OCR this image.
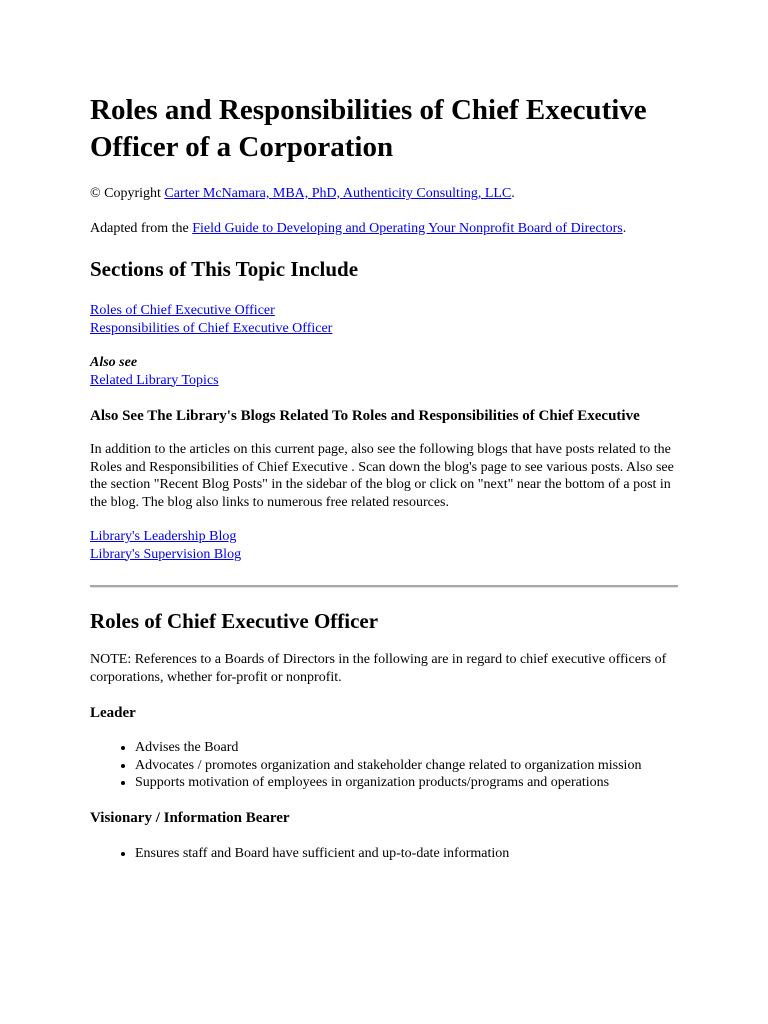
Roles and Responsibilities of Chief Executive Officer of a Corporation

© Copyright Carter McNamara, MBA, PhD, Authenticity Consulting, LLC.

Adapted from the Field Guide to Developing and Operating Your Nonprofit Board of Directors.

Sections of This Topic Include
Roles of Chief Executive Officer
Responsibilities of Chief Executive Officer
Also see
Related Library Topics
Also See The Library's Blogs Related To Roles and Responsibilities of Chief Executive

In addition to the articles on this current page, also see the following blogs that have posts related to the Roles and Responsibilities of Chief Executive . Scan down the blog's page to see various posts. Also see the section "Recent Blog Posts" in the sidebar of the blog or click on "next" near the bottom of a post in the blog. The blog also links to numerous free related resources.

Library's Leadership Blog
Library's Supervision Blog
Roles of Chief Executive Officer

NOTE: References to a Boards of Directors in the following are in regard to chief executive officers of corporations, whether for-profit or nonprofit.

Leader
• Advises the Board
• Advocates / promotes organization and stakeholder change related to organization mission
• Supports motivation of employees in organization products/programs and operations
Visionary / Information Bearer
• Ensures staff and Board have sufficient and up-to-date information
